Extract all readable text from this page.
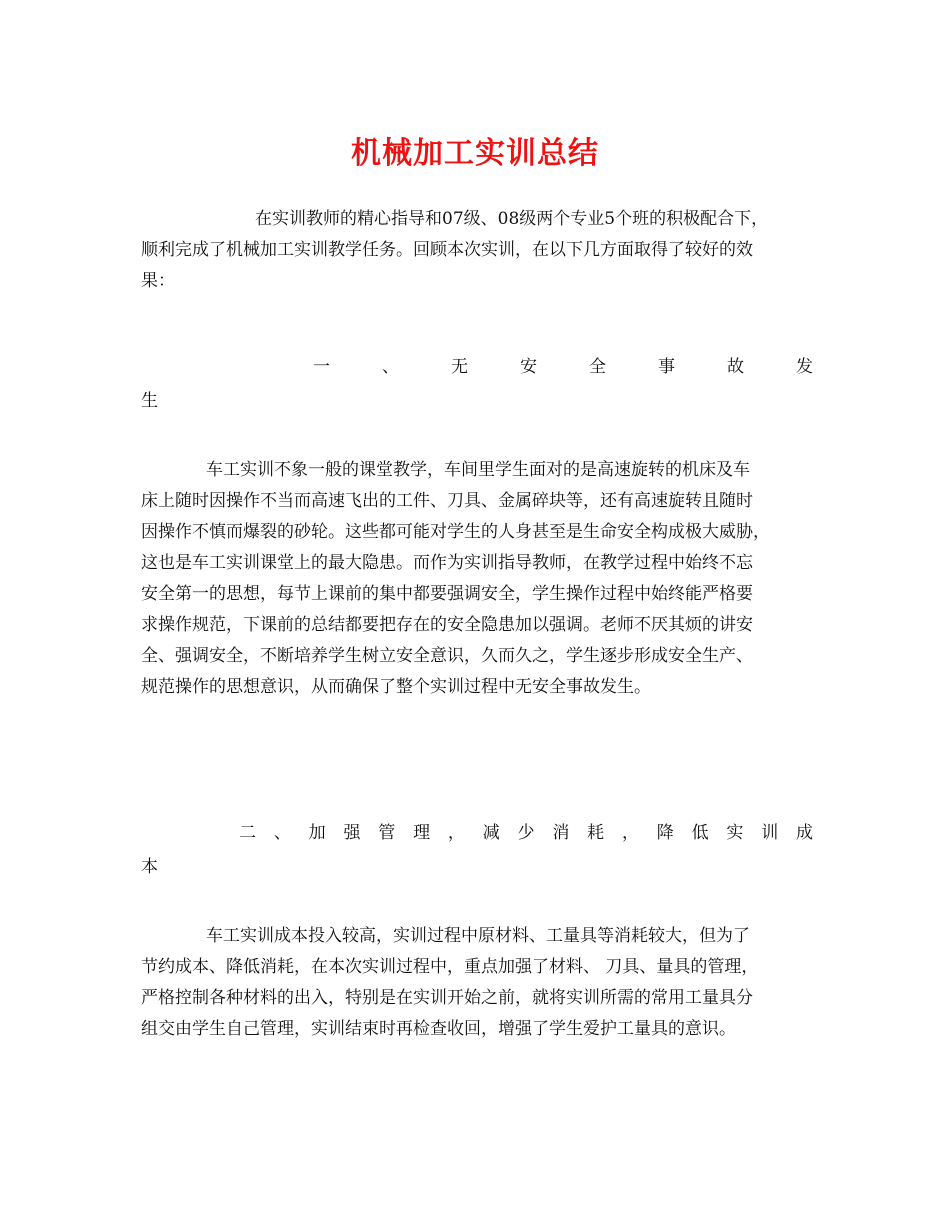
机械加工实训总结
在实训教师的精心指导和07级、08级两个专业5个班的积极配合下，
顺利完成了机械加工实训教学任务。回顾本次实训，在以下几方面取得了较好的效
果：
一	、	无	安	全	事	故	发
生
车工实训不象一般的课堂教学，车间里学生面对的是高速旋转的机床及车
床上随时因操作不当而高速飞出的工件、刀具、金属碎块等，还有高速旋转且随时
因操作不慎而爆裂的砂轮。这些都可能对学生的人身甚至是生命安全构成极大威胁，
这也是车工实训课堂上的最大隐患。而作为实训指导教师，在教学过程中始终不忘
安全第一的思想，每节上课前的集中都要强调安全，学生操作过程中始终能严格要
求操作规范，下课前的总结都要把存在的安全隐患加以强调。老师不厌其烦的讲安
全、强调安全，不断培养学生树立安全意识，久而久之，学生逐步形成安全生产、
规范操作的思想意识，从而确保了整个实训过程中无安全事故发生。
二 、 加 强 管 理 ， 减 少 消 耗 ， 降 低 实 训 成
本
车工实训成本投入较高，实训过程中原材料、工量具等消耗较大，但为了
节约成本、降低消耗，在本次实训过程中，重点加强了材料、 刀具、量具的管理，
严格控制各种材料的出入，特别是在实训开始之前，就将实训所需的常用工量具分
组交由学生自己管理，实训结束时再检查收回，增强了学生爱护工量具的意识。
